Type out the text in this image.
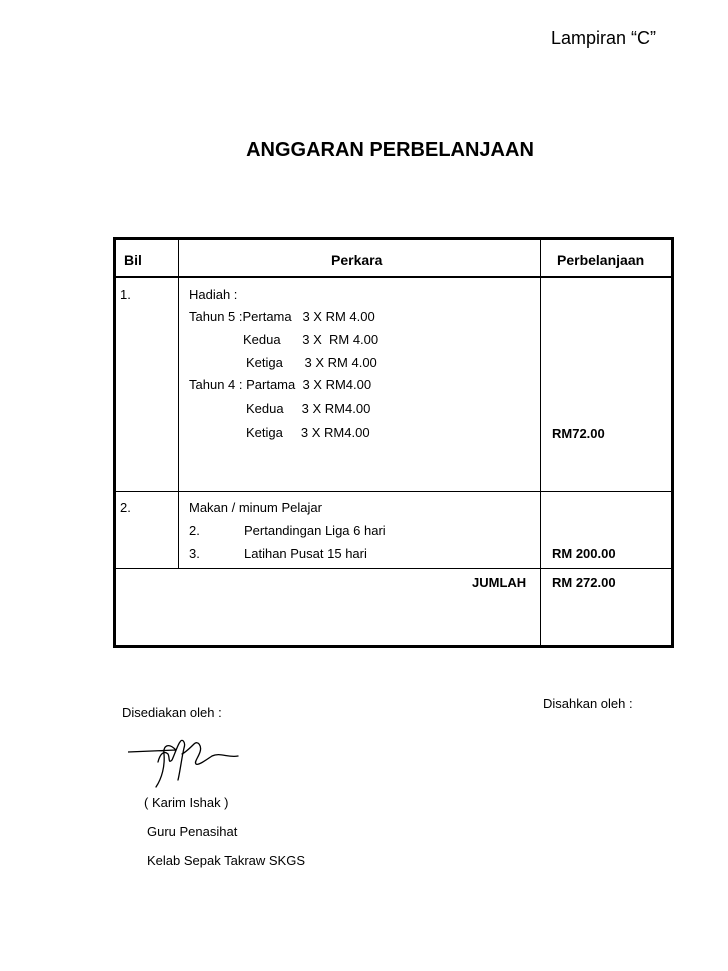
Lampiran “C”
ANGGARAN PERBELANJAAN
Bil	Perkara	Perbelanjaan
1.	Hadiah :
Tahun 5 :Pertama   3 X RM 4.00
Kedua      3 X  RM 4.00
Ketiga      3 X RM 4.00
Tahun 4 : Partama  3 X RM4.00
Kedua     3 X RM4.00
Ketiga     3 X RM4.00	RM72.00
2.	Makan / minum Pelajar
2.	Pertandingan Liga 6 hari
3.	Latihan Pusat 15 hari	RM 200.00
JUMLAH RM 272.00
Disediakan oleh :
Disahkan oleh :
( Karim Ishak )
Guru Penasihat
Kelab Sepak Takraw SKGS
